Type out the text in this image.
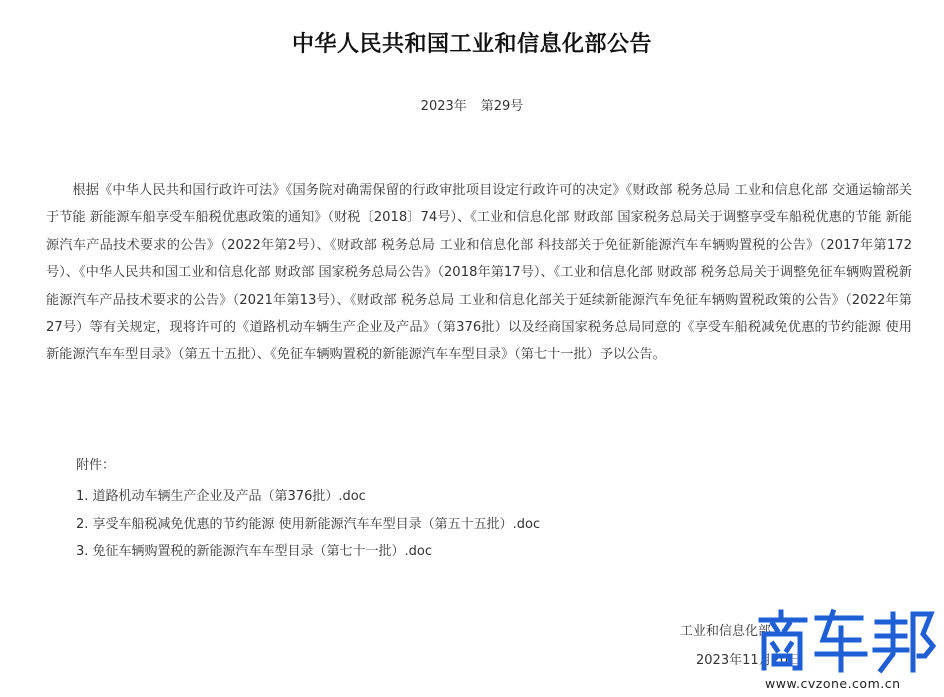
中华人民共和国工业和信息化部公告
2023年 第29号

根据《中华人民共和国行政许可法》《国务院对确需保留的行政审批项目设定行政许可的决定》《财政部 税务总局 工业和信息化部 交通运输部关于节能 新能源车船享受车船税优惠政策的通知》（财税〔2018〕74号）、《工业和信息化部 财政部 国家税务总局关于调整享受车船税优惠的节能 新能源汽车产品技术要求的公告》（2022年第2号）、《财政部 税务总局 工业和信息化部 科技部关于免征新能源汽车车辆购置税的公告》（2017年第172号）、《中华人民共和国工业和信息化部 财政部 国家税务总局公告》（2018年第17号）、《工业和信息化部 财政部 税务总局关于调整免征车辆购置税新能源汽车产品技术要求的公告》（2021年第13号）、《财政部 税务总局 工业和信息化部关于延续新能源汽车免征车辆购置税政策的公告》（2022年第27号）等有关规定，现将许可的《道路机动车辆生产企业及产品》（第376批）以及经商国家税务总局同意的《享受车船税减免优惠的节约能源 使用新能源汽车车型目录》（第五十五批）、《免征车辆购置税的新能源汽车车型目录》（第七十一批）予以公告。

附件：

1. 道路机动车辆生产企业及产品（第376批）.doc
2. 享受车船税减免优惠的节约能源 使用新能源汽车车型目录（第五十五批）.doc
3. 免征车辆购置税的新能源汽车车型目录（第七十一批）.doc
工业和信息化部
2023年11月20日
www.cvzone.com.cn
